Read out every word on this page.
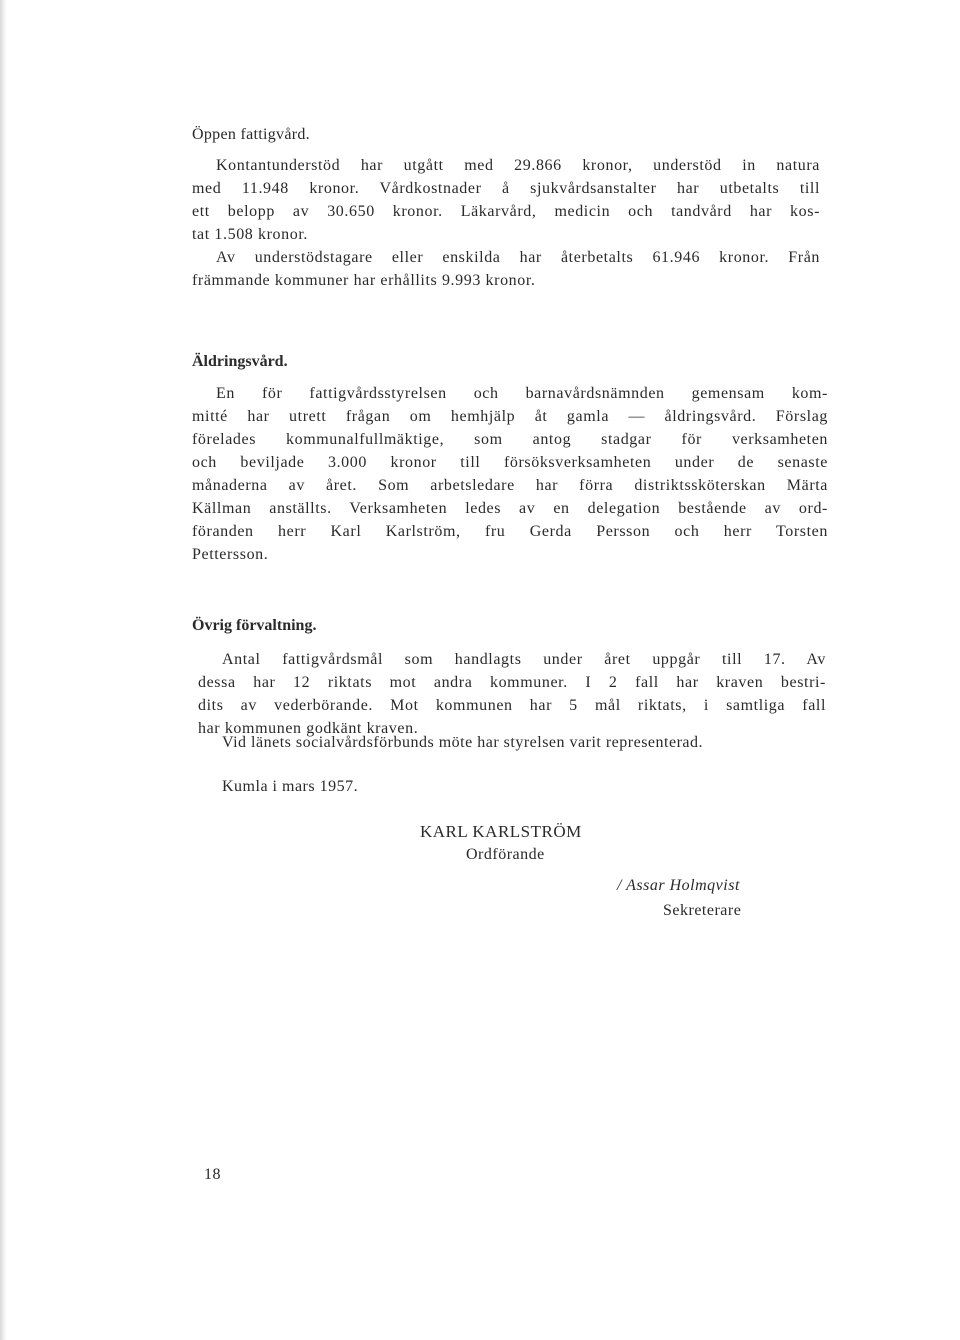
Öppen fattigvård.
Kontantunderstöd har utgått med 29.866 kronor, understöd in natura
med 11.948 kronor. Vårdkostnader å sjukvårdsanstalter har utbetalts till
ett belopp av 30.650 kronor. Läkarvård, medicin och tandvård har kos-
tat 1.508 kronor.
Av understödstagare eller enskilda har återbetalts 61.946 kronor. Från
främmande kommuner har erhållits 9.993 kronor.
Äldringsvård.
En för fattigvårdsstyrelsen och barnavårdsnämnden gemensam kom-
mitté har utrett frågan om hemhjälp åt gamla — åldringsvård. Förslag
förelades kommunalfullmäktige, som antog stadgar för verksamheten
och beviljade 3.000 kronor till försöksverksamheten under de senaste
månaderna av året. Som arbetsledare har förra distriktssköterskan Märta
Källman anställts. Verksamheten ledes av en delegation bestående av ord-
föranden herr Karl Karlström, fru Gerda Persson och herr Torsten
Pettersson.
Övrig förvaltning.
Antal fattigvårdsmål som handlagts under året uppgår till 17. Av
dessa har 12 riktats mot andra kommuner. I 2 fall har kraven bestri-
dits av vederbörande. Mot kommunen har 5 mål riktats, i samtliga fall
har kommunen godkänt kraven.
Vid länets socialvårdsförbunds möte har styrelsen varit representerad.
Kumla i mars 1957.
KARL KARLSTRÖM
Ordförande
/ Assar Holmqvist
Sekreterare
18
